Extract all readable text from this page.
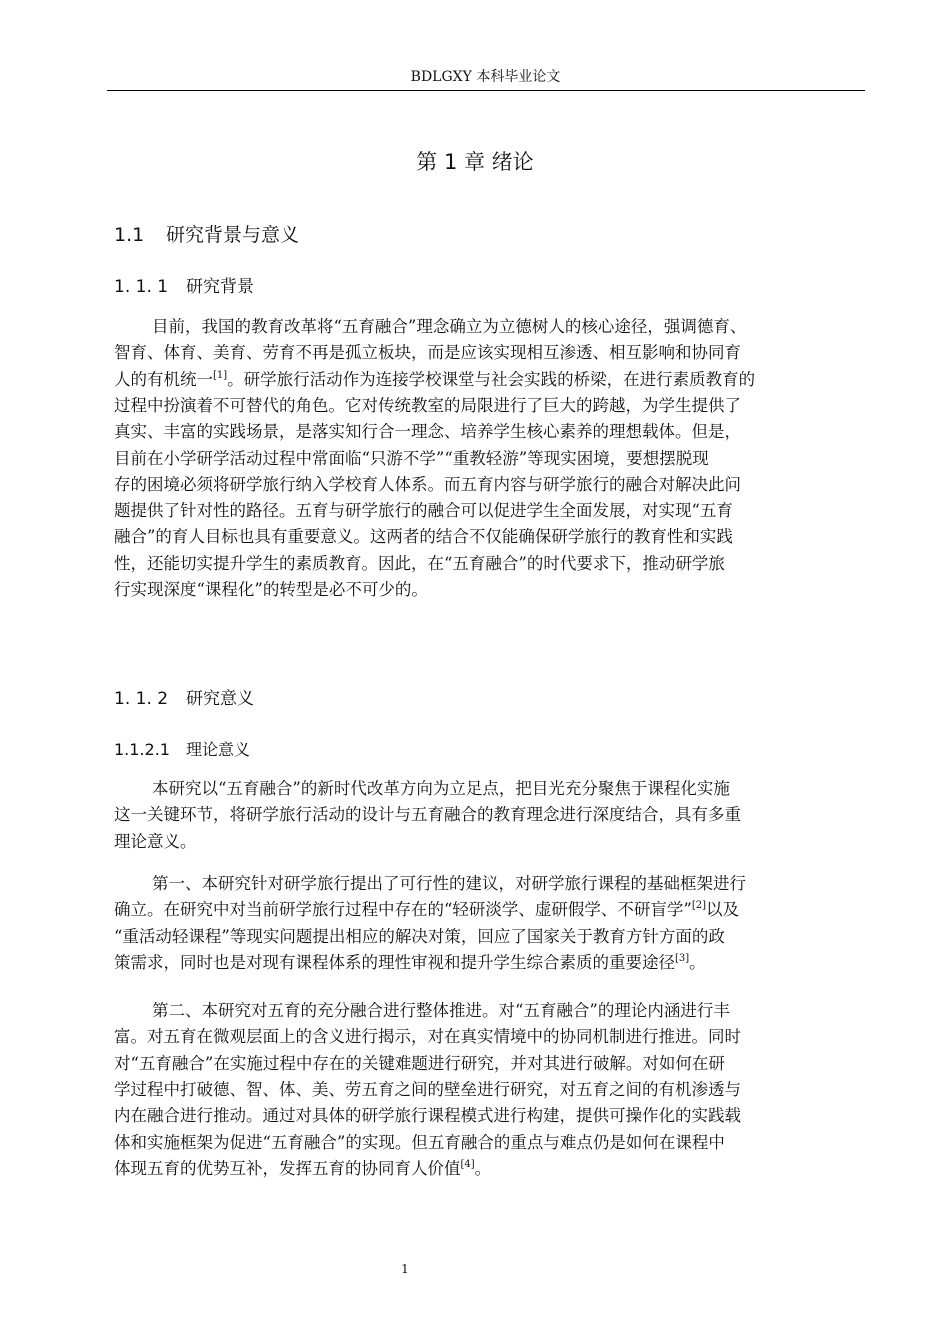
BDLGXY 本科毕业论文
第 1 章 绪论
1.1 研究背景与意义
1. 1. 1 研究背景
目前，我国的教育改革将“五育融合”理念确立为立德树人的核心途径，强调德育、
智育、体育、美育、劳育不再是孤立板块，而是应该实现相互渗透、相互影响和协同育
人的有机统一[1]。研学旅行活动作为连接学校课堂与社会实践的桥梁，在进行素质教育的
过程中扮演着不可替代的角色。它对传统教室的局限进行了巨大的跨越，为学生提供了
真实、丰富的实践场景，是落实知行合一理念、培养学生核心素养的理想载体。但是，
目前在小学研学活动过程中常面临“只游不学”“重教轻游”等现实困境，要想摆脱现
存的困境必须将研学旅行纳入学校育人体系。而五育内容与研学旅行的融合对解决此问
题提供了针对性的路径。五育与研学旅行的融合可以促进学生全面发展，对实现“五育
融合”的育人目标也具有重要意义。这两者的结合不仅能确保研学旅行的教育性和实践
性，还能切实提升学生的素质教育。因此，在“五育融合”的时代要求下，推动研学旅
行实现深度“课程化”的转型是必不可少的。
1. 1. 2 研究意义
1.1.2.1 理论意义
本研究以“五育融合”的新时代改革方向为立足点，把目光充分聚焦于课程化实施
这一关键环节，将研学旅行活动的设计与五育融合的教育理念进行深度结合，具有多重
理论意义。
第一、本研究针对研学旅行提出了可行性的建议，对研学旅行课程的基础框架进行
确立。在研究中对当前研学旅行过程中存在的“轻研淡学、虚研假学、不研盲学”[2]以及
“重活动轻课程”等现实问题提出相应的解决对策，回应了国家关于教育方针方面的政
策需求，同时也是对现有课程体系的理性审视和提升学生综合素质的重要途径[3]。
第二、本研究对五育的充分融合进行整体推进。对“五育融合”的理论内涵进行丰
富。对五育在微观层面上的含义进行揭示，对在真实情境中的协同机制进行推进。同时
对“五育融合”在实施过程中存在的关键难题进行研究，并对其进行破解。对如何在研
学过程中打破德、智、体、美、劳五育之间的壁垒进行研究，对五育之间的有机渗透与
内在融合进行推动。通过对具体的研学旅行课程模式进行构建，提供可操作化的实践载
体和实施框架为促进“五育融合”的实现。但五育融合的重点与难点仍是如何在课程中
体现五育的优势互补，发挥五育的协同育人价值[4]。
1
